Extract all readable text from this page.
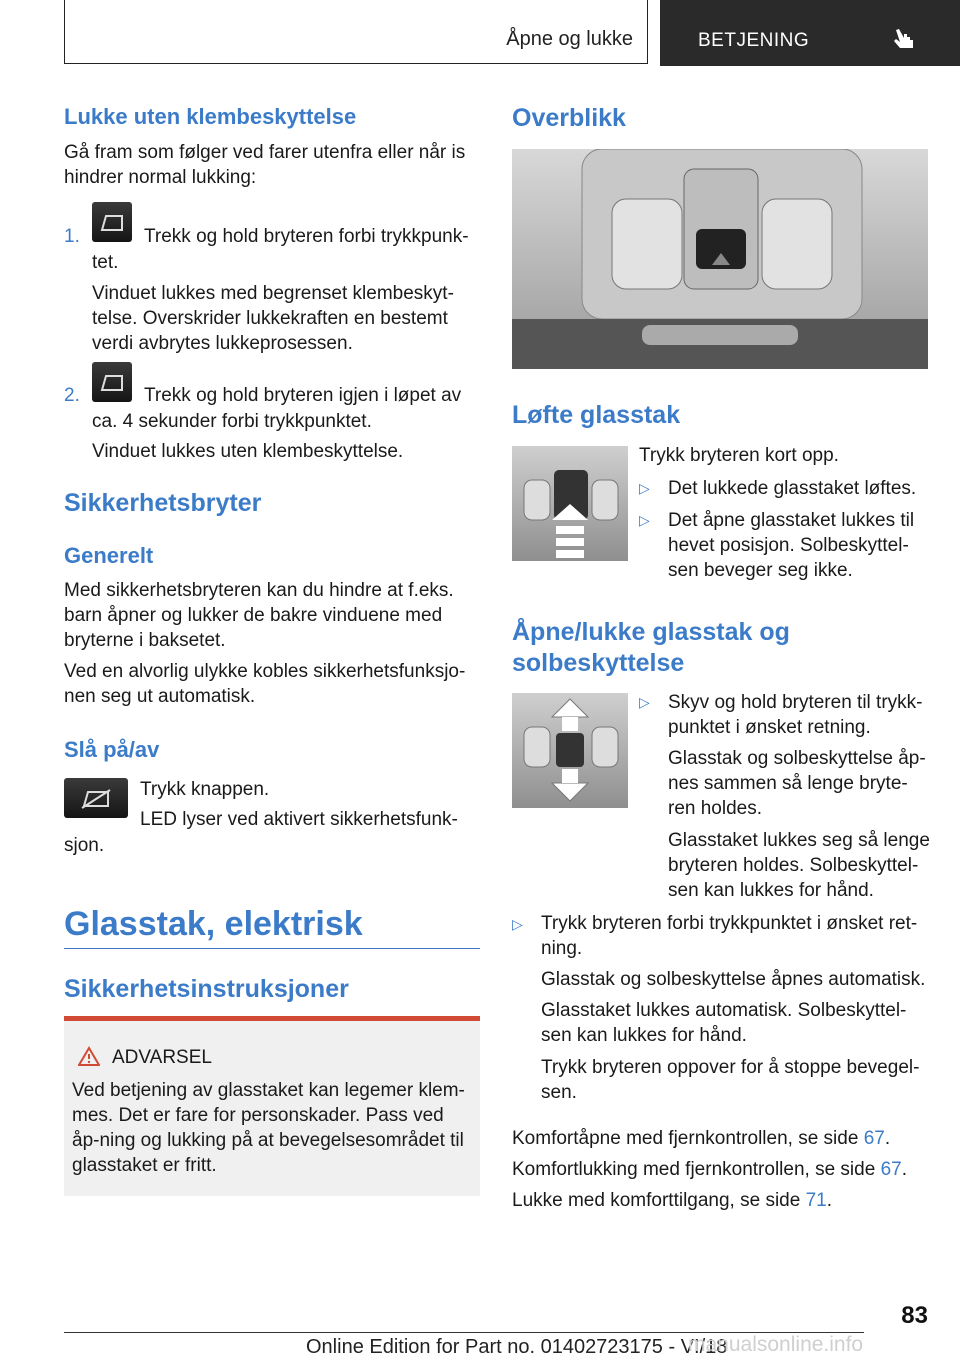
Åpne og lukke	BETJENING
Lukke uten klembeskyttelse

Gå fram som følger ved farer utenfra eller når is hindrer normal lukking:

1.	Trekk og hold bryteren forbi trykkpunk-
tet.

Vinduet lukkes med begrenset klembeskyt-telse. Overskrider lukkekraften en bestemt verdi avbrytes lukkeprosessen.

2.	Trekk og hold bryteren igjen i løpet av
ca. 4 sekunder forbi trykkpunktet.

Vinduet lukkes uten klembeskyttelse.

Sikkerhetsbryter
Generelt

Med sikkerhetsbryteren kan du hindre at f.eks. barn åpner og lukker de bakre vinduene med bryterne i baksetet.

Ved en alvorlig ulykke kobles sikkerhetsfunksjo-nen seg ut automatisk.

Slå på/av
Trykk knappen.
LED lyser ved aktivert sikkerhetsfunk-
sjon.
Glasstak, elektrisk
Sikkerhetsinstruksjoner
ADVARSEL

Ved betjening av glasstaket kan legemer klem-mes. Det er fare for personskader. Pass ved åp-ning og lukking på at bevegelsesområdet til glasstaket er fritt.

Overblikk
Løfte glasstak
Trykk bryteren kort opp.
▷ Det lukkede glasstaket løftes.
▷ Det åpne glasstaket lukkes til hevet posisjon. Solbeskyttel-sen beveger seg ikke.

Åpne/lukke glasstak og solbeskyttelse
▷ Skyv og hold bryteren til trykk-punktet i ønsket retning.

Glasstak og solbeskyttelse åp-nes sammen så lenge bryte-ren holdes.

Glasstaket lukkes seg så lenge bryteren holdes. Solbeskyttel-sen kan lukkes for hånd.

▷ Trykk bryteren forbi trykkpunktet i ønsket ret-ning.

Glasstak og solbeskyttelse åpnes automatisk.

Glasstaket lukkes automatisk. Solbeskyttel-sen kan lukkes for hånd.

Trykk bryteren oppover for å stoppe bevegel-sen.

Komfortåpne med fjernkontrollen, se side 67.

Komfortlukking med fjernkontrollen, se side 67.

Lukke med komforttilgang, se side 71.

83
Online Edition for Part no. 01402723175 - VI/18
manualsonline.info
